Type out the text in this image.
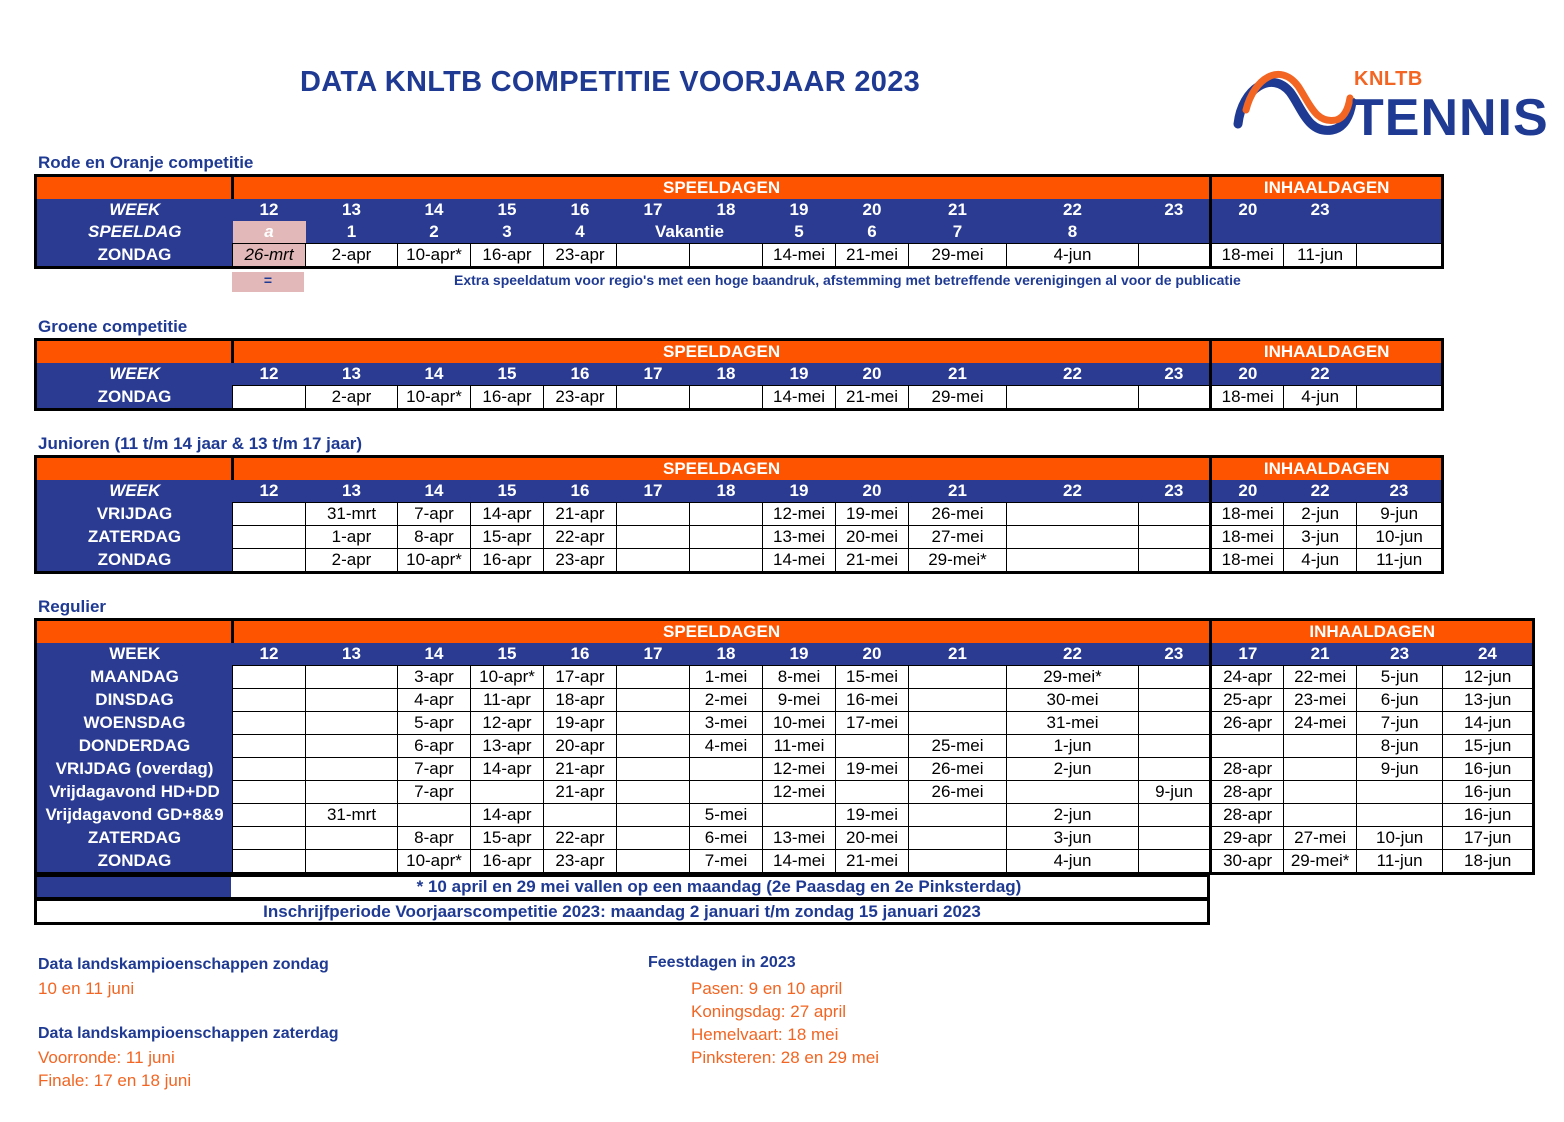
DATA KNLTB COMPETITIE VOORJAAR 2023	KNLTB
TENNIS
Rode en Oranje competitie
	SPEELDAGEN												INHAALDAGEN		
WEEK	12	13	14	15	16	17	18	19	20	21	22	23	20	23	
SPEELDAG	a	1	2	3	4	Vakantie		5	6	7	8				
ZONDAG	26-mrt	2-apr	10-apr*	16-apr	23-apr			14-mei	21-mei	29-mei	4-jun		18-mei	11-jun	
=	Extra speeldatum voor regio's met een hoge baandruk, afstemming met betreffende verenigingen al voor de publicatie
Groene competitie
	SPEELDAGEN												INHAALDAGEN		
WEEK	12	13	14	15	16	17	18	19	20	21	22	23	20	22	
ZONDAG		2-apr	10-apr*	16-apr	23-apr			14-mei	21-mei	29-mei			18-mei	4-jun	
Junioren (11 t/m 14 jaar & 13 t/m 17 jaar)
	SPEELDAGEN												INHAALDAGEN		
WEEK	12	13	14	15	16	17	18	19	20	21	22	23	20	22	23
VRIJDAG		31-mrt	7-apr	14-apr	21-apr			12-mei	19-mei	26-mei			18-mei	2-jun	9-jun
ZATERDAG		1-apr	8-apr	15-apr	22-apr			13-mei	20-mei	27-mei			18-mei	3-jun	10-jun
ZONDAG		2-apr	10-apr*	16-apr	23-apr			14-mei	21-mei	29-mei*			18-mei	4-jun	11-jun
Regulier
	SPEELDAGEN												INHAALDAGEN			
WEEK	12	13	14	15	16	17	18	19	20	21	22	23	17	21	23	24
MAANDAG			3-apr	10-apr*	17-apr		1-mei	8-mei	15-mei		29-mei*		24-apr	22-mei	5-jun	12-jun
DINSDAG			4-apr	11-apr	18-apr		2-mei	9-mei	16-mei		30-mei		25-apr	23-mei	6-jun	13-jun
WOENSDAG			5-apr	12-apr	19-apr		3-mei	10-mei	17-mei		31-mei		26-apr	24-mei	7-jun	14-jun
DONDERDAG			6-apr	13-apr	20-apr		4-mei	11-mei		25-mei	1-jun				8-jun	15-jun
VRIJDAG (overdag)			7-apr	14-apr	21-apr			12-mei	19-mei	26-mei	2-jun		28-apr		9-jun	16-jun
Vrijdagavond HD+DD			7-apr		21-apr			12-mei		26-mei		9-jun	28-apr			16-jun
Vrijdagavond GD+8&9		31-mrt		14-apr			5-mei		19-mei		2-jun		28-apr			16-jun
ZATERDAG			8-apr	15-apr	22-apr		6-mei	13-mei	20-mei		3-jun		29-apr	27-mei	10-jun	17-jun
ZONDAG			10-apr*	16-apr	23-apr		7-mei	14-mei	21-mei		4-jun		30-apr	29-mei*	11-jun	18-jun
* 10 april en 29 mei vallen op een maandag (2e Paasdag en 2e Pinksterdag)
Inschrijfperiode Voorjaarscompetitie 2023: maandag 2 januari t/m zondag 15 januari 2023
Data landskampioenschappen zondag
10 en 11 juni
Data landskampioenschappen zaterdag
Voorronde: 11 juni
Finale: 17 en 18 juni
Feestdagen in 2023
Pasen: 9 en 10 april
Koningsdag: 27 april
Hemelvaart: 18 mei
Pinksteren: 28 en 29 mei
